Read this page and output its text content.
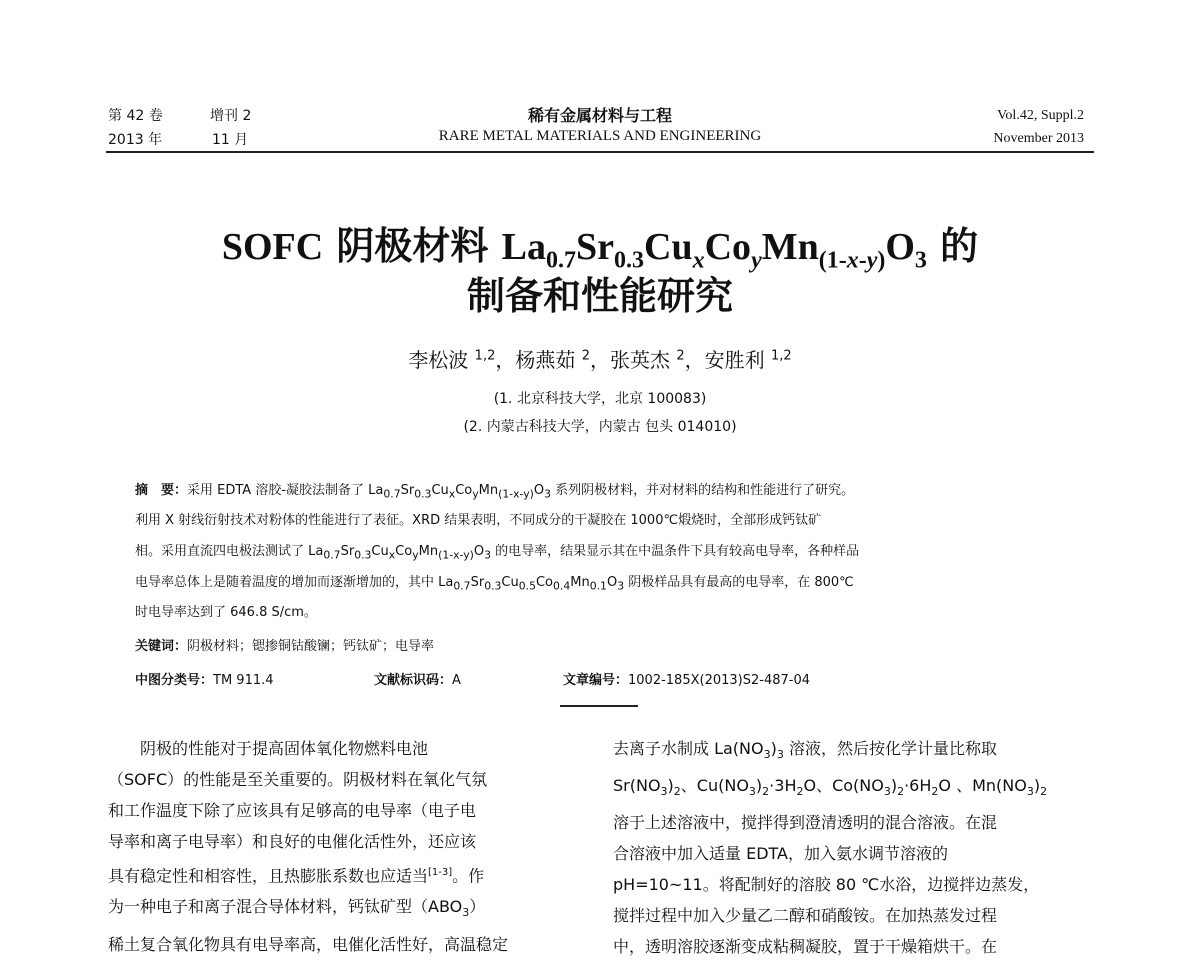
第 42 卷	增刊 2
2013 年	11 月
稀有金属材料与工程
RARE METAL MATERIALS AND ENGINEERING
Vol.42, Suppl.2
November 2013
SOFC 阴极材料 $La_{0.7}Sr_{0.3}Cu_xCo_yMn_{(1-x-y)}O_3$ 的
制备和性能研究
李松波 $^{1,2}$，杨燕茹 $^2$，张英杰 $^2$，安胜利 $^{1,2}$
(1. 北京科技大学，北京 100083)
(2. 内蒙古科技大学，内蒙古 包头 014010)
摘　要：采用 EDTA 溶胶-凝胶法制备了 $La_{0.7}Sr_{0.3}Cu_xCo_yMn_{(1-x-y)}O_3$ 系列阴极材料，并对材料的结构和性能进行了研究。
利用 X 射线衍射技术对粉体的性能进行了表征。XRD 结果表明，不同成分的干凝胶在 1000℃煅烧时，全部形成钙钛矿
相。采用直流四电极法测试了 $La_{0.7}Sr_{0.3}Cu_xCo_yMn_{(1-x-y)}O_3$ 的电导率，结果显示其在中温条件下具有较高电导率，各种样品
电导率总体上是随着温度的增加而逐渐增加的，其中 $La_{0.7}Sr_{0.3}Cu_{0.5}Co_{0.4}Mn_{0.1}O_3$ 阴极样品具有最高的电导率，在 800℃
时电导率达到了 646.8 S/cm。
关键词：阴极材料；锶掺铜钴酸镧；钙钛矿；电导率
中图分类号：TM 911.4	文献标识码：A	文章编号：1002-185X(2013)S2-487-04
　　阴极的性能对于提高固体氧化物燃料电池
（SOFC）的性能是至关重要的。阴极材料在氧化气氛
和工作温度下除了应该具有足够高的电导率（电子电
导率和离子电导率）和良好的电催化活性外，还应该
具有稳定性和相容性，且热膨胀系数也应适当[1-3]。作
为一种电子和离子混合导体材料，钙钛矿型$(ABO_3)$
稀土复合氧化物具有电导率高，电催化活性好，高温稳定
去离子水制成 $La(NO_3)_3$ 溶液，然后按化学计量比称取
$Sr(NO_3)_2$、$Cu(NO_3)_2\cdot 3H_2O$、$Co(NO_3)_2\cdot 6H_2O$ 、$Mn(NO_3)_2$
溶于上述溶液中，搅拌得到澄清透明的混合溶液。在混
合溶液中加入适量 EDTA，加入氨水调节溶液的
pH=10~11。将配制好的溶胶 80 ℃水浴，边搅拌边蒸发，
搅拌过程中加入少量乙二醇和硝酸铵。在加热蒸发过程
中，透明溶胶逐渐变成粘稠凝胶，置于干燥箱烘干。在
